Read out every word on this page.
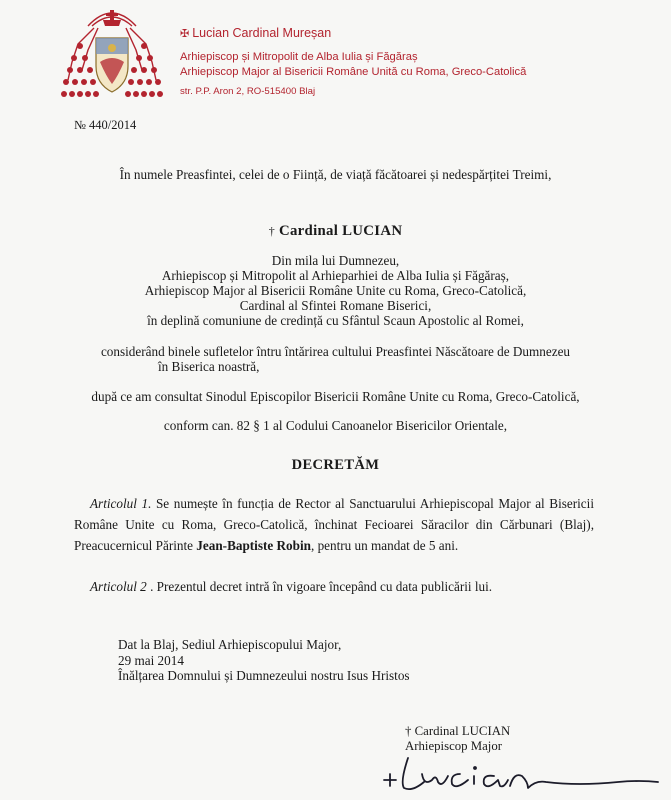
✠ Lucian Cardinal Mureșan
Arhiepiscop și Mitropolit de Alba Iulia și Făgăraș
Arhiepiscop Major al Bisericii Române Unită cu Roma, Greco-Catolică
str. P.P. Aron 2, RO-515400 Blaj
№ 440/2014
În numele Preasfintei, celei de o Ființă, de viață făcătoarei și nedespărțitei Treimi,
† Cardinal LUCIAN
Din mila lui Dumnezeu,
Arhiepiscop și Mitropolit al Arhieparhiei de Alba Iulia și Făgăraș,
Arhiepiscop Major al Bisericii Române Unite cu Roma, Greco-Catolică,
Cardinal al Sfintei Romane Biserici,
în deplină comuniune de credință cu Sfântul Scaun Apostolic al Romei,
considerând binele sufletelor întru întărirea cultului Preasfintei Născătoare de Dumnezeu
în Biserica noastră,
după ce am consultat Sinodul Episcopilor Bisericii Române Unite cu Roma, Greco-Catolică,
conform can. 82 § 1 al Codului Canoanelor Bisericilor Orientale,
DECRETĂM
Articolul 1. Se numește în funcția de Rector al Sanctuarului Arhiepiscopal Major al Bisericii Române Unite cu Roma, Greco-Catolică, închinat Fecioarei Săracilor din Cărbunari (Blaj), Preacucernicul Părinte Jean-Baptiste Robin, pentru un mandat de 5 ani.
Articolul 2 . Prezentul decret intră în vigoare începând cu data publicării lui.
Dat la Blaj, Sediul Arhiepiscopului Major,
29 mai 2014
Înălțarea Domnului și Dumnezeului nostru Isus Hristos
† Cardinal LUCIAN
Arhiepiscop Major
